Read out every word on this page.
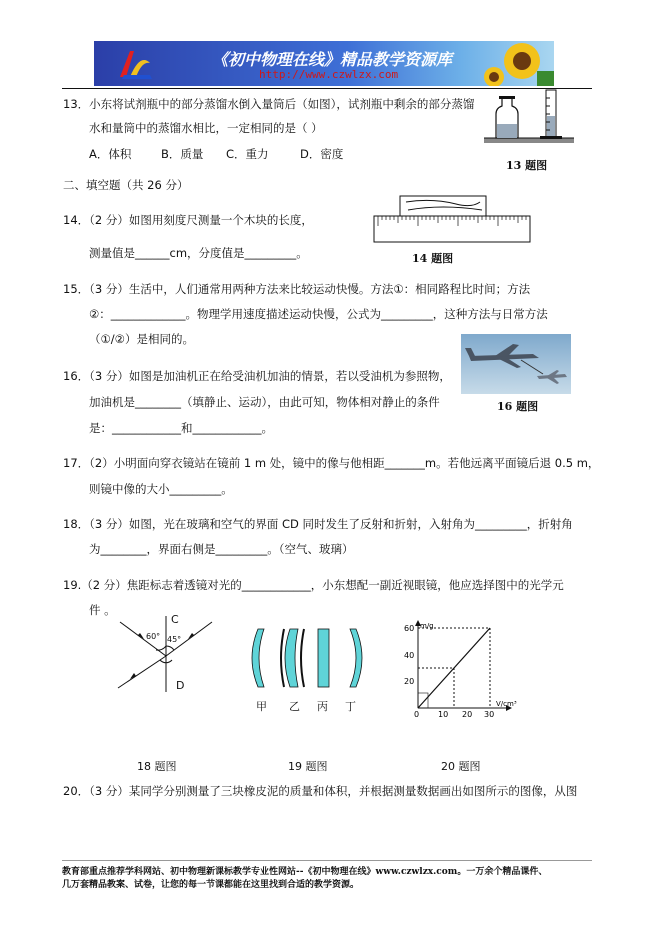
《初中物理在线》精品教学资源库
http://www.czwlzx.com
13．小东将试剂瓶中的部分蒸馏水倒入量筒后（如图），试剂瓶中剩余的部分蒸馏
水和量筒中的蒸馏水相比，一定相同的是（ ）
A．体积	B．质量 C．重力	D．密度
13 题图
二、填空题（共 26 分）
14．（2 分）如图用刻度尺测量一个木块的长度，
测量值是______cm，分度值是_________。	14 题图
15．（3 分）生活中，人们通常用两种方法来比较运动快慢。方法①：相同路程比时间；方法
②：_____________。物理学用速度描述运动快慢，公式为_________，这种方法与日常方法
（①/②）是相同的。
16 题图
16．（3 分）如图是加油机正在给受油机加油的情景，若以受油机为参照物，
加油机是________（填静止、运动），由此可知，物体相对静止的条件
是：____________和____________。
17．（2）小明面向穿衣镜站在镜前 1 m 处，镜中的像与他相距_______m。若他远离平面镜后退 0.5 m，
则镜中像的大小_________。
18．（3 分）如图，光在玻璃和空气的界面 CD 同时发生了反射和折射，入射角为_________，折射角
为________，界面右侧是_________。（空气、玻璃）
19.（2 分）焦距标志着透镜对光的____________，小东想配一副近视眼镜，他应选择图中的光学元
件 。
C
D
60° 45°
甲 乙 丙 丁
m/g
V/cm³
60
40
20
0 10 20 30
18 题图	19 题图	20 题图
20．（3 分）某同学分别测量了三块橡皮泥的质量和体积，并根据测量数据画出如图所示的图像，从图
教育部重点推荐学科网站、初中物理新课标教学专业性网站--《初中物理在线》www.czwlzx.com。一万余个精品课件、
几万套精品教案、试卷，让您的每一节课都能在这里找到合适的教学资源。
